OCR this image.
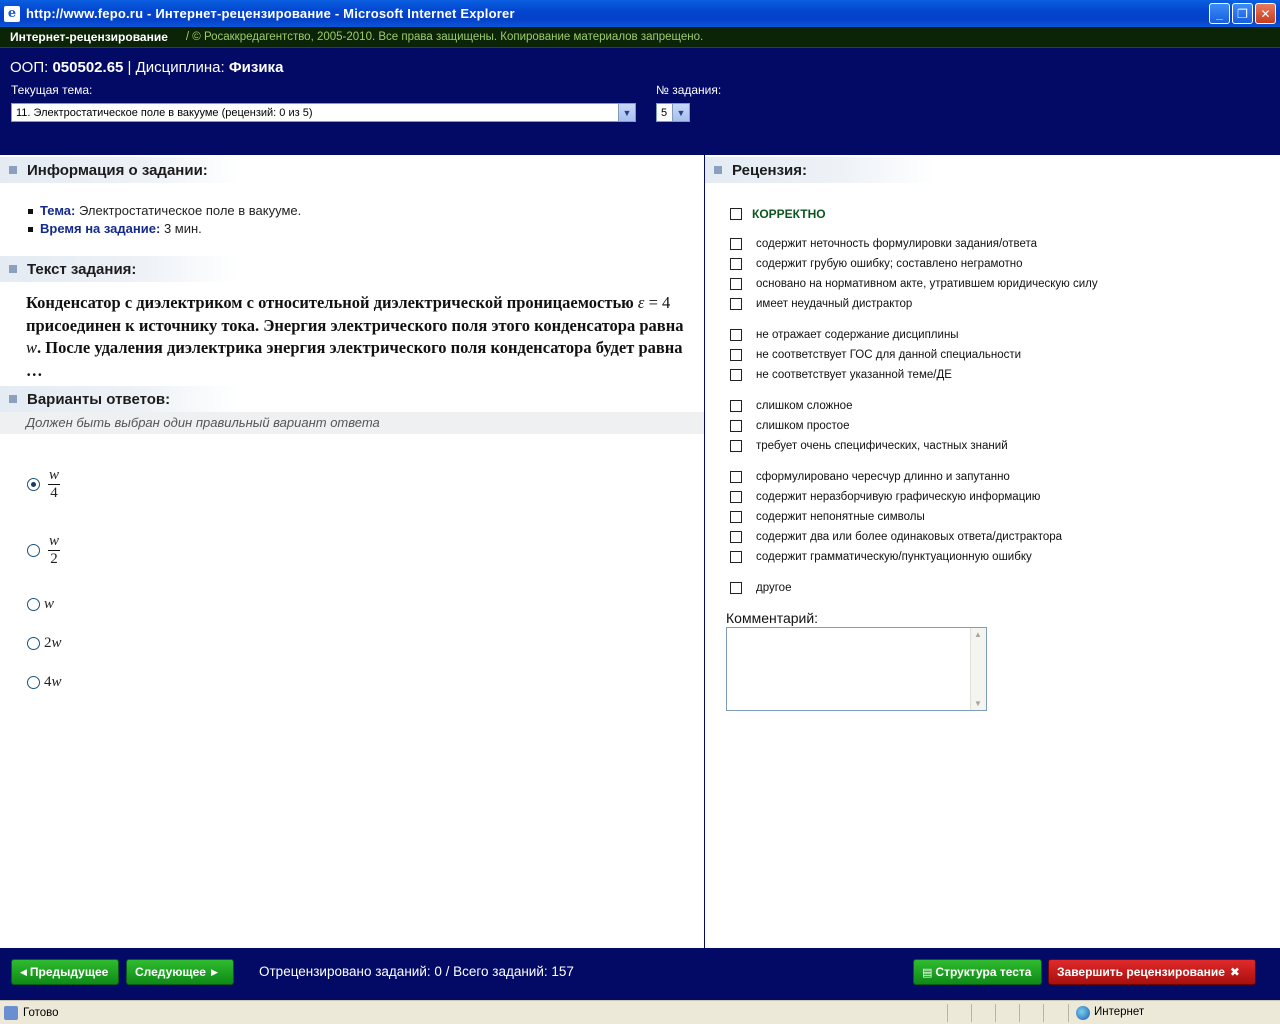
e http://www.fepo.ru - Интернет-рецензирование - Microsoft Internet Explorer	_	❐	✕
Интернет-рецензирование / © Росаккредагентство, 2005-2010. Все права защищены. Копирование материалов запрещено.
ООП: 050502.65 | Дисциплина: Физика
Текущая тема:
11. Электростатическое поле в вакууме (рецензий: 0 из 5)	▼
№ задания:
5	▼
Информация о задании:
Тема: Электростатическое поле в вакууме.
Время на задание: 3 мин.
Текст задания:
Конденсатор с диэлектриком с относительной диэлектрической проницаемостью ε = 4 присоединен к источнику тока. Энергия электрического поля этого конденсатора равна w. После удаления диэлектрика энергия электрического поля конденсатора будет равна …
Варианты ответов:
Должен быть выбран один правильный вариант ответа
$\frac{w}{4}$
$\frac{w}{2}$
w
2w
4w
Рецензия:
КОРРЕКТНО
содержит неточность формулировки задания/ответа
содержит грубую ошибку; составлено неграмотно
основано на нормативном акте, утратившем юридическую силу
имеет неудачный дистрактор
не отражает содержание дисциплины
не соответствует ГОС для данной специальности
не соответствует указанной теме/ДЕ
слишком сложное
слишком простое
требует очень специфических, частных знаний
сформулировано чересчур длинно и запутанно
содержит неразборчивую графическую информацию
содержит непонятные символы
содержит два или более одинаковых ответа/дистрактора
содержит грамматическую/пунктуационную ошибку
другое
Комментарий:
▲
▼
◀ Предыдущее Следующее ▶	Отрецензировано заданий: 0 / Всего заданий: 157	▤ Структура теста Завершить рецензирование ✖
Готово	Интернет
